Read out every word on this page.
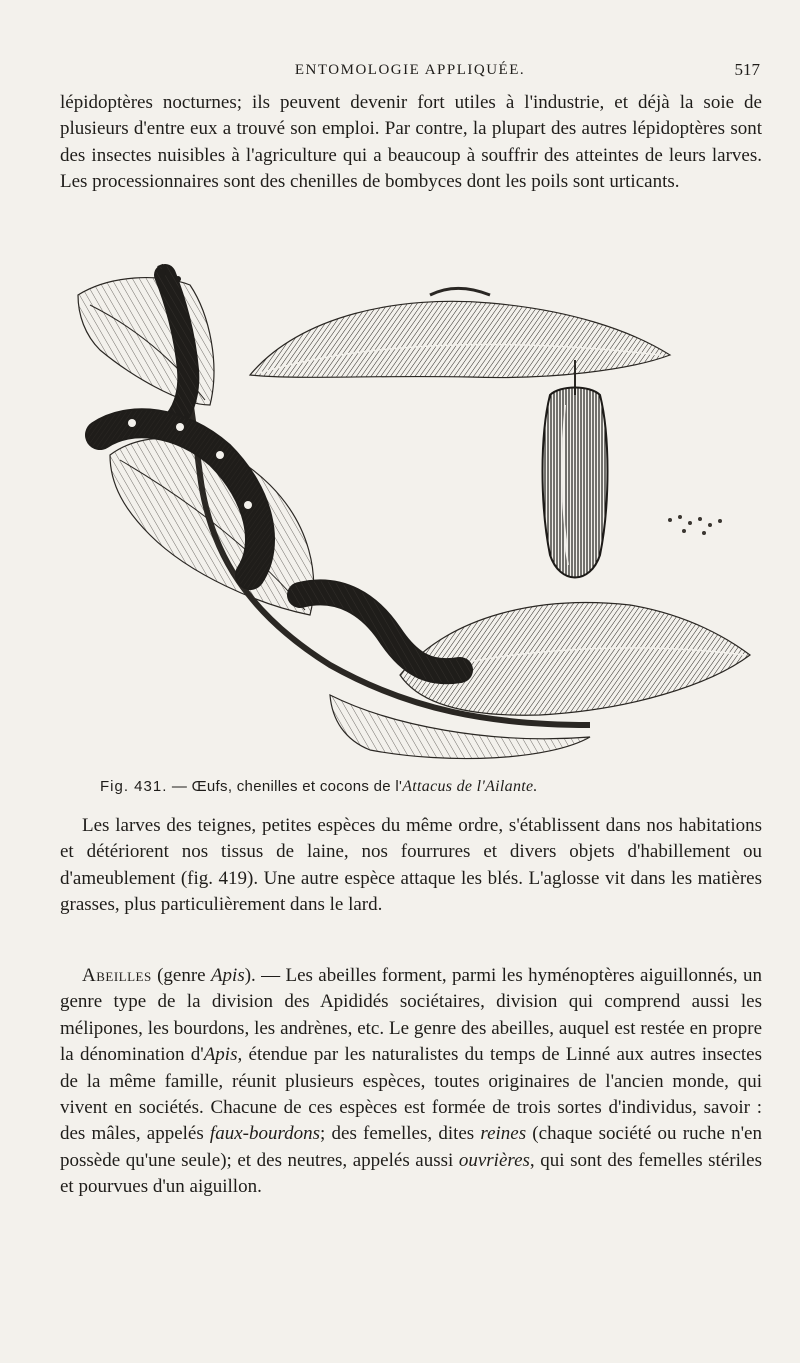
ENTOMOLOGIE APPLIQUÉE.	517

lépidoptères nocturnes; ils peuvent devenir fort utiles à l'industrie, et déjà la soie de plusieurs d'entre eux a trouvé son emploi. Par contre, la plupart des autres lépidoptères sont des insectes nuisibles à l'agriculture qui a beaucoup à souffrir des atteintes de leurs larves. Les processionnaires sont des chenilles de bombyces dont les poils sont urticants.

Fig. 431. — Œufs, chenilles et cocons de l'Attacus de l'Ailante.

Les larves des teignes, petites espèces du même ordre, s'établissent dans nos habitations et détériorent nos tissus de laine, nos fourrures et divers objets d'habillement ou d'ameublement (fig. 419). Une autre espèce attaque les blés. L'aglosse vit dans les matières grasses, plus particulièrement dans le lard.

Abeilles (genre Apis). — Les abeilles forment, parmi les hyménoptères aiguillonnés, un genre type de la division des Apididés sociétaires, division qui comprend aussi les mélipones, les bourdons, les andrènes, etc. Le genre des abeilles, auquel est restée en propre la dénomination d'Apis, étendue par les naturalistes du temps de Linné aux autres insectes de la même famille, réunit plusieurs espèces, toutes originaires de l'ancien monde, qui vivent en sociétés. Chacune de ces espèces est formée de trois sortes d'individus, savoir : des mâles, appelés faux-bourdons; des femelles, dites reines (chaque société ou ruche n'en possède qu'une seule); et des neutres, appelés aussi ouvrières, qui sont des femelles stériles et pourvues d'un aiguillon.
